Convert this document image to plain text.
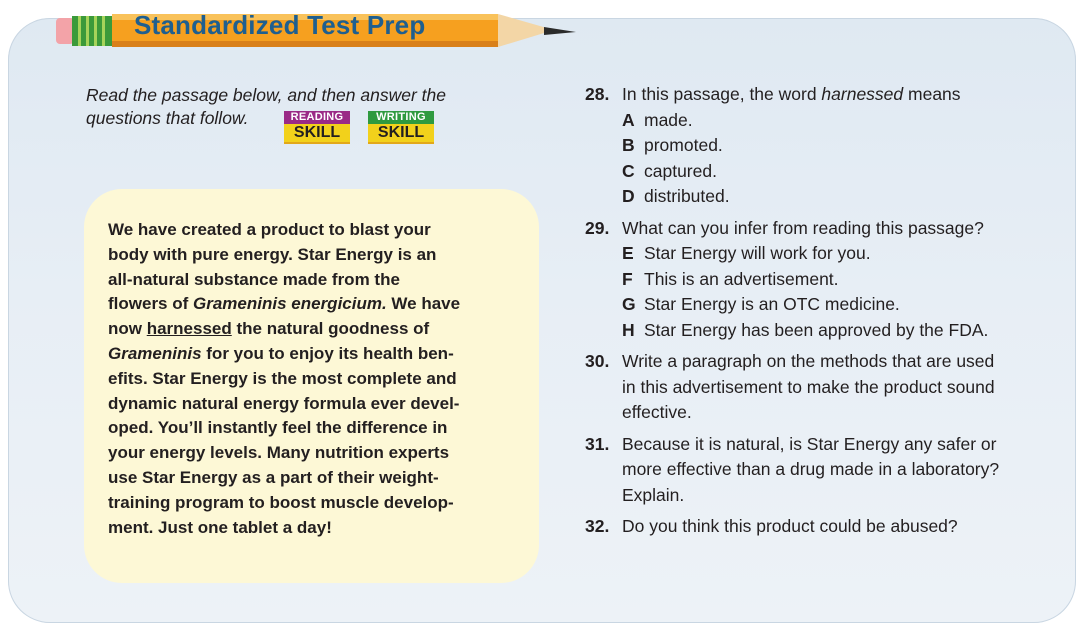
Standardized Test Prep
Read the passage below, and then answer the
questions that follow.	READING
SKILL
WRITING
SKILL
We have created a product to blast your
body with pure energy. Star Energy is an
all-natural substance made from the
flowers of Grameninis energicium. We have
now harnessed the natural goodness of
Grameninis for you to enjoy its health ben-
efits. Star Energy is the most complete and
dynamic natural energy formula ever devel-
oped. You’ll instantly feel the difference in
your energy levels. Many nutrition experts
use Star Energy as a part of their weight-
training program to boost muscle develop-
ment. Just one tablet a day!
28. In this passage, the word harnessed means
A made.
B promoted.
C captured.
D distributed.
29. What can you infer from reading this passage?
E Star Energy will work for you.
F This is an advertisement.
G Star Energy is an OTC medicine.
H Star Energy has been approved by the FDA.
30. Write a paragraph on the methods that are used
in this advertisement to make the product sound
effective.
31. Because it is natural, is Star Energy any safer or
more effective than a drug made in a laboratory?
Explain.
32. Do you think this product could be abused?
